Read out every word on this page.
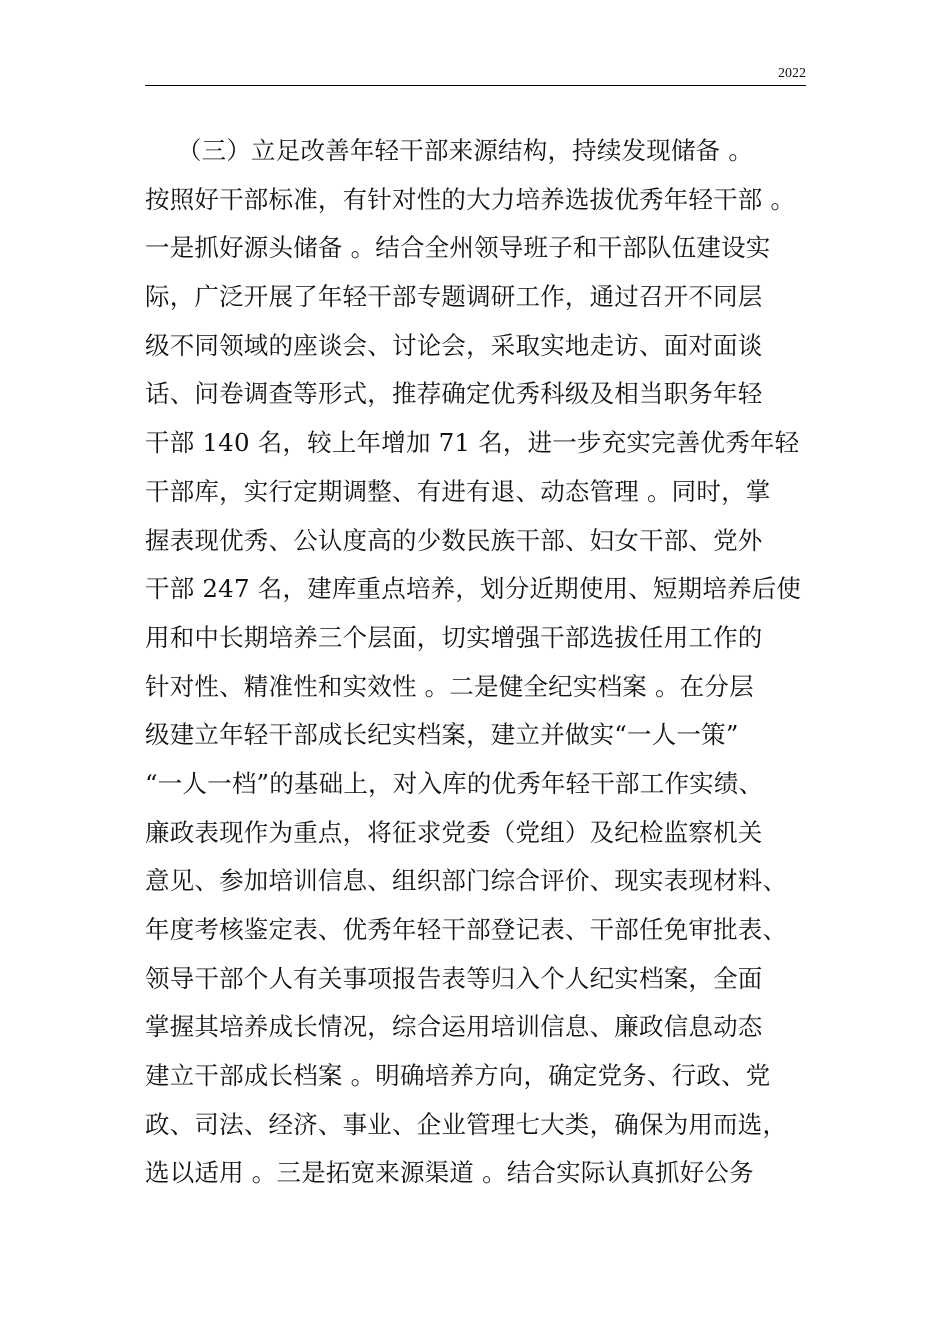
2022
（三）立足改善年轻干部来源结构，持续发现储备 。
按照好干部标准，有针对性的大力培养选拔优秀年轻干部 。
一是抓好源头储备 。结合全州领导班子和干部队伍建设实
际，广泛开展了年轻干部专题调研工作，通过召开不同层
级不同领域的座谈会、讨论会，采取实地走访、面对面谈
话、问卷调查等形式，推荐确定优秀科级及相当职务年轻
干部 140 名，较上年增加 71 名，进一步充实完善优秀年轻
干部库，实行定期调整、有进有退、动态管理 。同时，掌
握表现优秀、公认度高的少数民族干部、妇女干部、党外
干部 247 名，建库重点培养，划分近期使用、短期培养后使
用和中长期培养三个层面，切实增强干部选拔任用工作的
针对性、精准性和实效性 。二是健全纪实档案 。在分层
级建立年轻干部成长纪实档案，建立并做实“一人一策”
“一人一档”的基础上，对入库的优秀年轻干部工作实绩、
廉政表现作为重点，将征求党委（党组）及纪检监察机关
意见、参加培训信息、组织部门综合评价、现实表现材料、
年度考核鉴定表、优秀年轻干部登记表、干部任免审批表、
领导干部个人有关事项报告表等归入个人纪实档案，全面
掌握其培养成长情况，综合运用培训信息、廉政信息动态
建立干部成长档案 。明确培养方向，确定党务、行政、党
政、司法、经济、事业、企业管理七大类，确保为用而选，
选以适用 。三是拓宽来源渠道 。结合实际认真抓好公务
